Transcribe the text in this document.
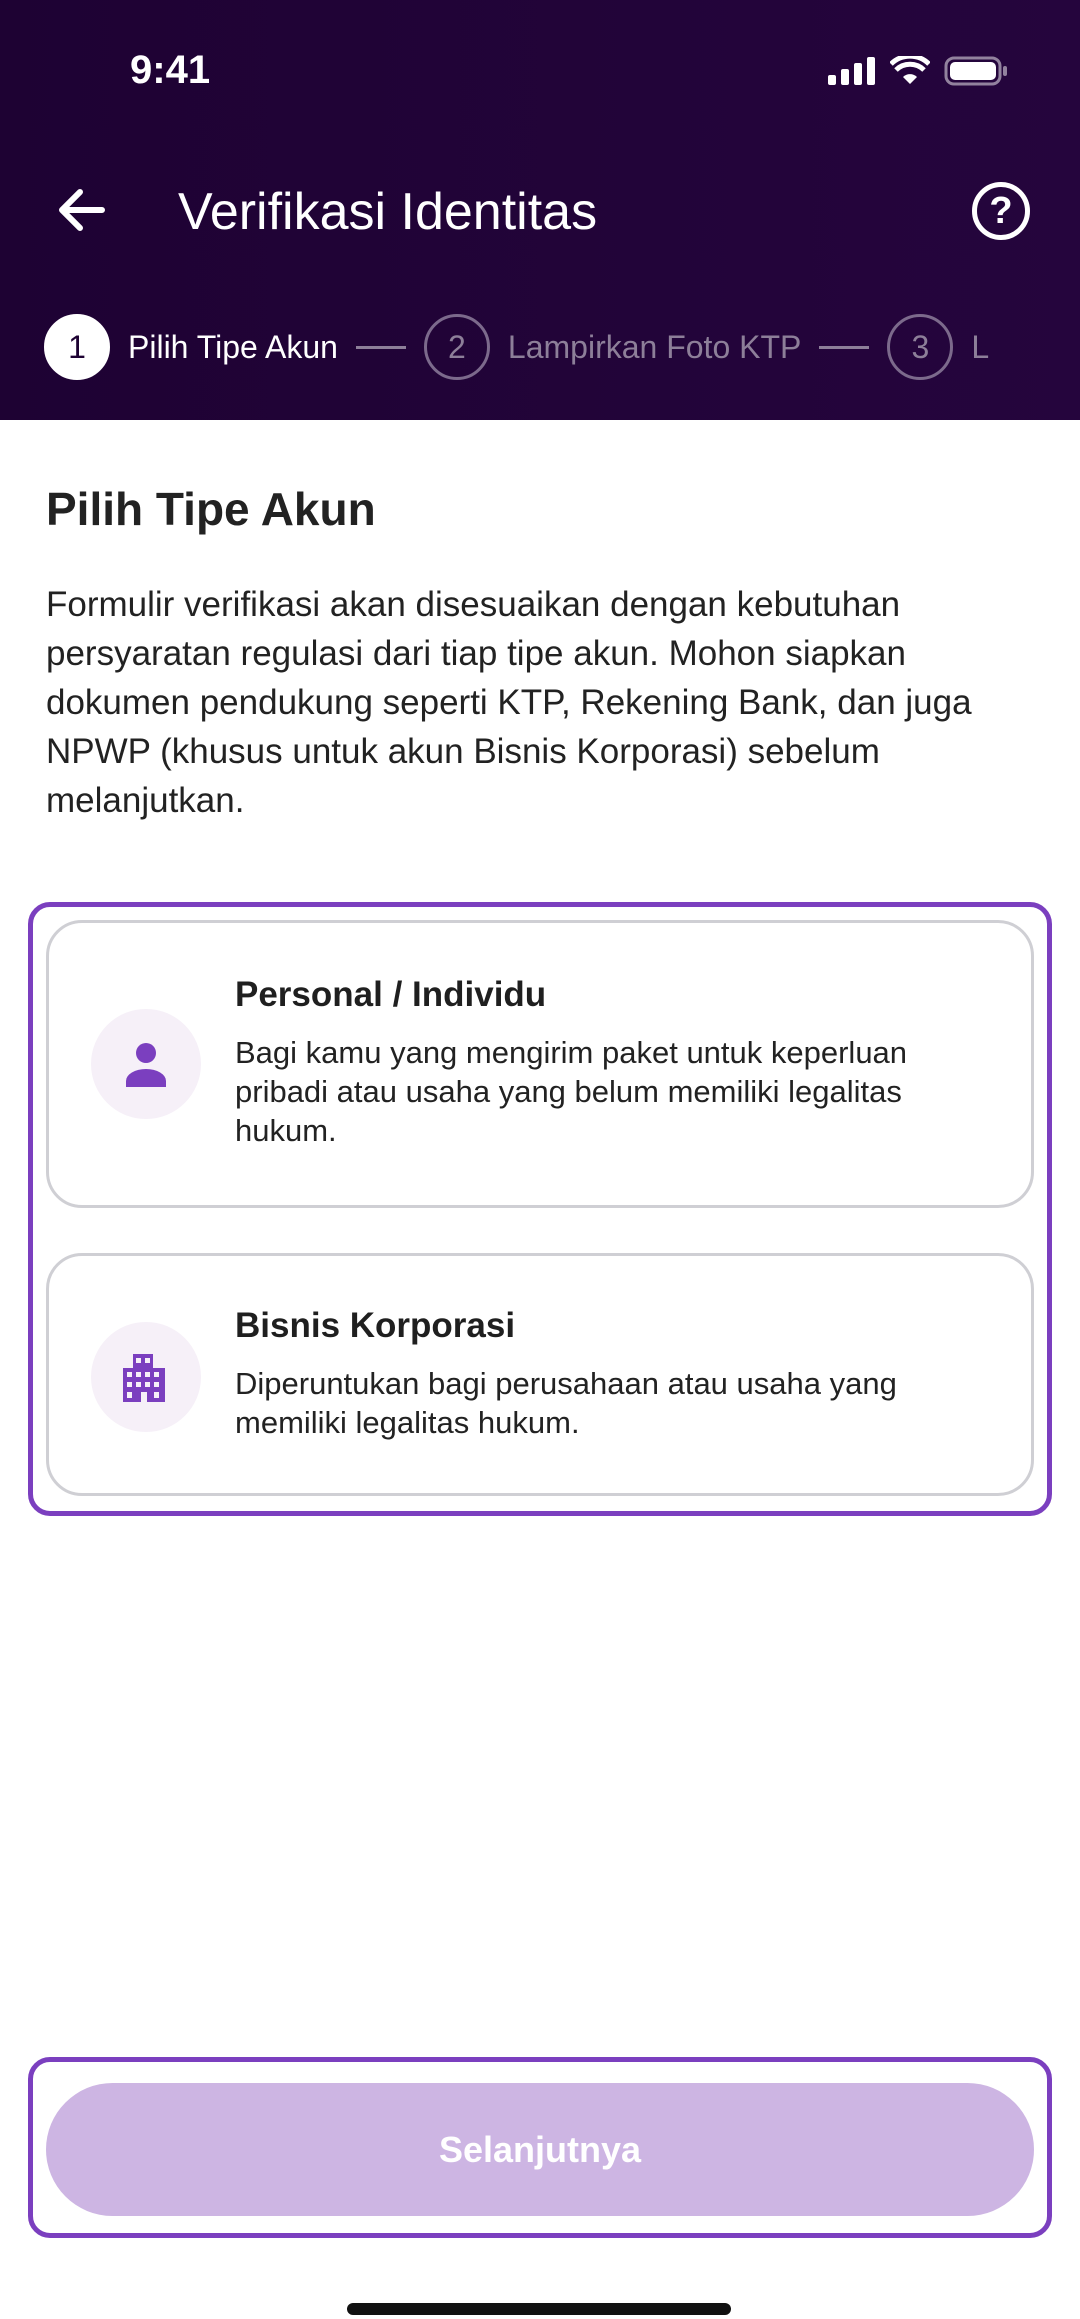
9:41
Verifikasi Identitas	?
1	Pilih Tipe Akun	2	Lampirkan Foto KTP	3	L
Pilih Tipe Akun

Formulir verifikasi akan disesuaikan dengan kebutuhan persyaratan regulasi dari tiap tipe akun. Mohon siapkan dokumen pendukung seperti KTP, Rekening Bank, dan juga NPWP (khusus untuk akun Bisnis Korporasi) sebelum melanjutkan.

Personal / Individu
Bagi kamu yang mengirim paket untuk keperluan pribadi atau usaha yang belum memiliki legalitas hukum.
Bisnis Korporasi
Diperuntukan bagi perusahaan atau usaha yang memiliki legalitas hukum.
Selanjutnya
